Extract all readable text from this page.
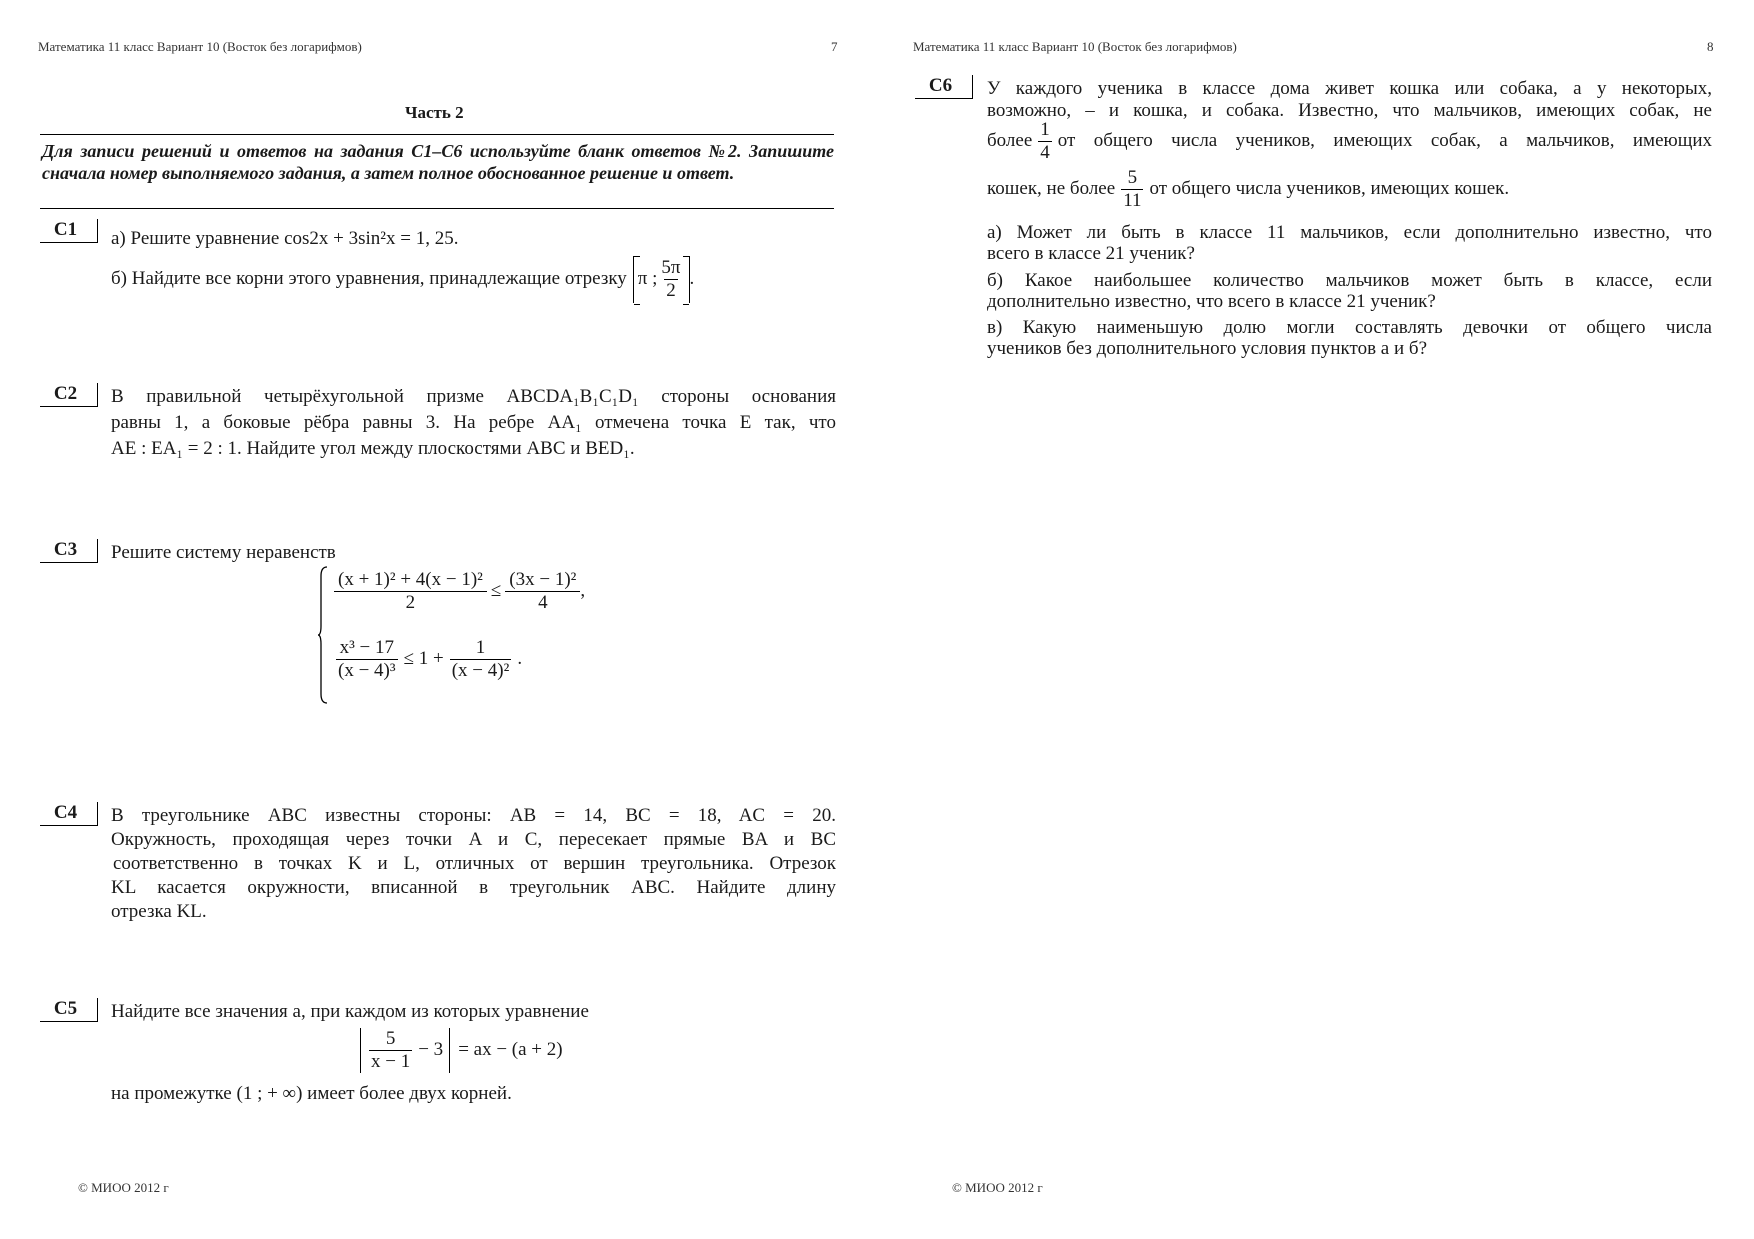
Математика 11 класс Вариант 10 (Восток без логарифмов)	7
Часть 2
Для записи решений и ответов на задания С1–С6 используйте бланк ответов №2. Запишите сначала номер выполняемого задания, а затем полное обоснованное решение и ответ.
С1	а) Решите уравнение cos2x + 3sin²x = 1, 25.
б) Найдите все корни этого уравнения, принадлежащие отрезку π ; $\frac{5\pi}{2}$ .
С2	В правильной четырёхугольной призме ABCDA₁B₁C₁D₁ стороны основания
равны 1, а боковые рёбра равны 3. На ребре AA₁ отмечена точка E так, что
AE : EA₁ = 2 : 1. Найдите угол между плоскостями ABC и BED₁.
С3	Решите систему неравенств
$\frac{\text{(x + 1)² + 4(x − 1)²}}{2} \le \frac{\text{(3x − 1)²}}{4}$ ,
$\frac{\text{x³ − 17}}{\text{(x − 4)³}} \le 1 + \frac{1}{\text{(x − 4)²}}$ .
С4	В треугольнике ABC известны стороны: AB = 14, BC = 18, AC = 20.
Окружность, проходящая через точки A и C, пересекает прямые BA и BC
соответственно в точках K и L, отличных от вершин треугольника. Отрезок
KL касается окружности, вписанной в треугольник ABC. Найдите длину
отрезка KL.
С5	Найдите все значения a, при каждом из которых уравнение
$\frac{5}{x - 1} - 3$ = ax − (a + 2)
на промежутке (1 ; + ∞) имеет более двух корней.
© МИОО 2012 г
Математика 11 класс Вариант 10 (Восток без логарифмов)	8
С6	У каждого ученика в классе дома живет кошка или собака, а у некоторых,
возможно, – и кошка, и собака. Известно, что мальчиков, имеющих собак, не
более $\frac{1}{4}$ от общего числа учеников, имеющих собак, а мальчиков, имеющих
кошек, не более $\frac{5}{11}$ от общего числа учеников, имеющих кошек.
а) Может ли быть в классе 11 мальчиков, если дополнительно известно, что
всего в классе 21 ученик?
б) Какое наибольшее количество мальчиков может быть в классе, если
дополнительно известно, что всего в классе 21 ученик?
в) Какую наименьшую долю могли составлять девочки от общего числа
учеников без дополнительного условия пунктов а и б?
© МИОО 2012 г
